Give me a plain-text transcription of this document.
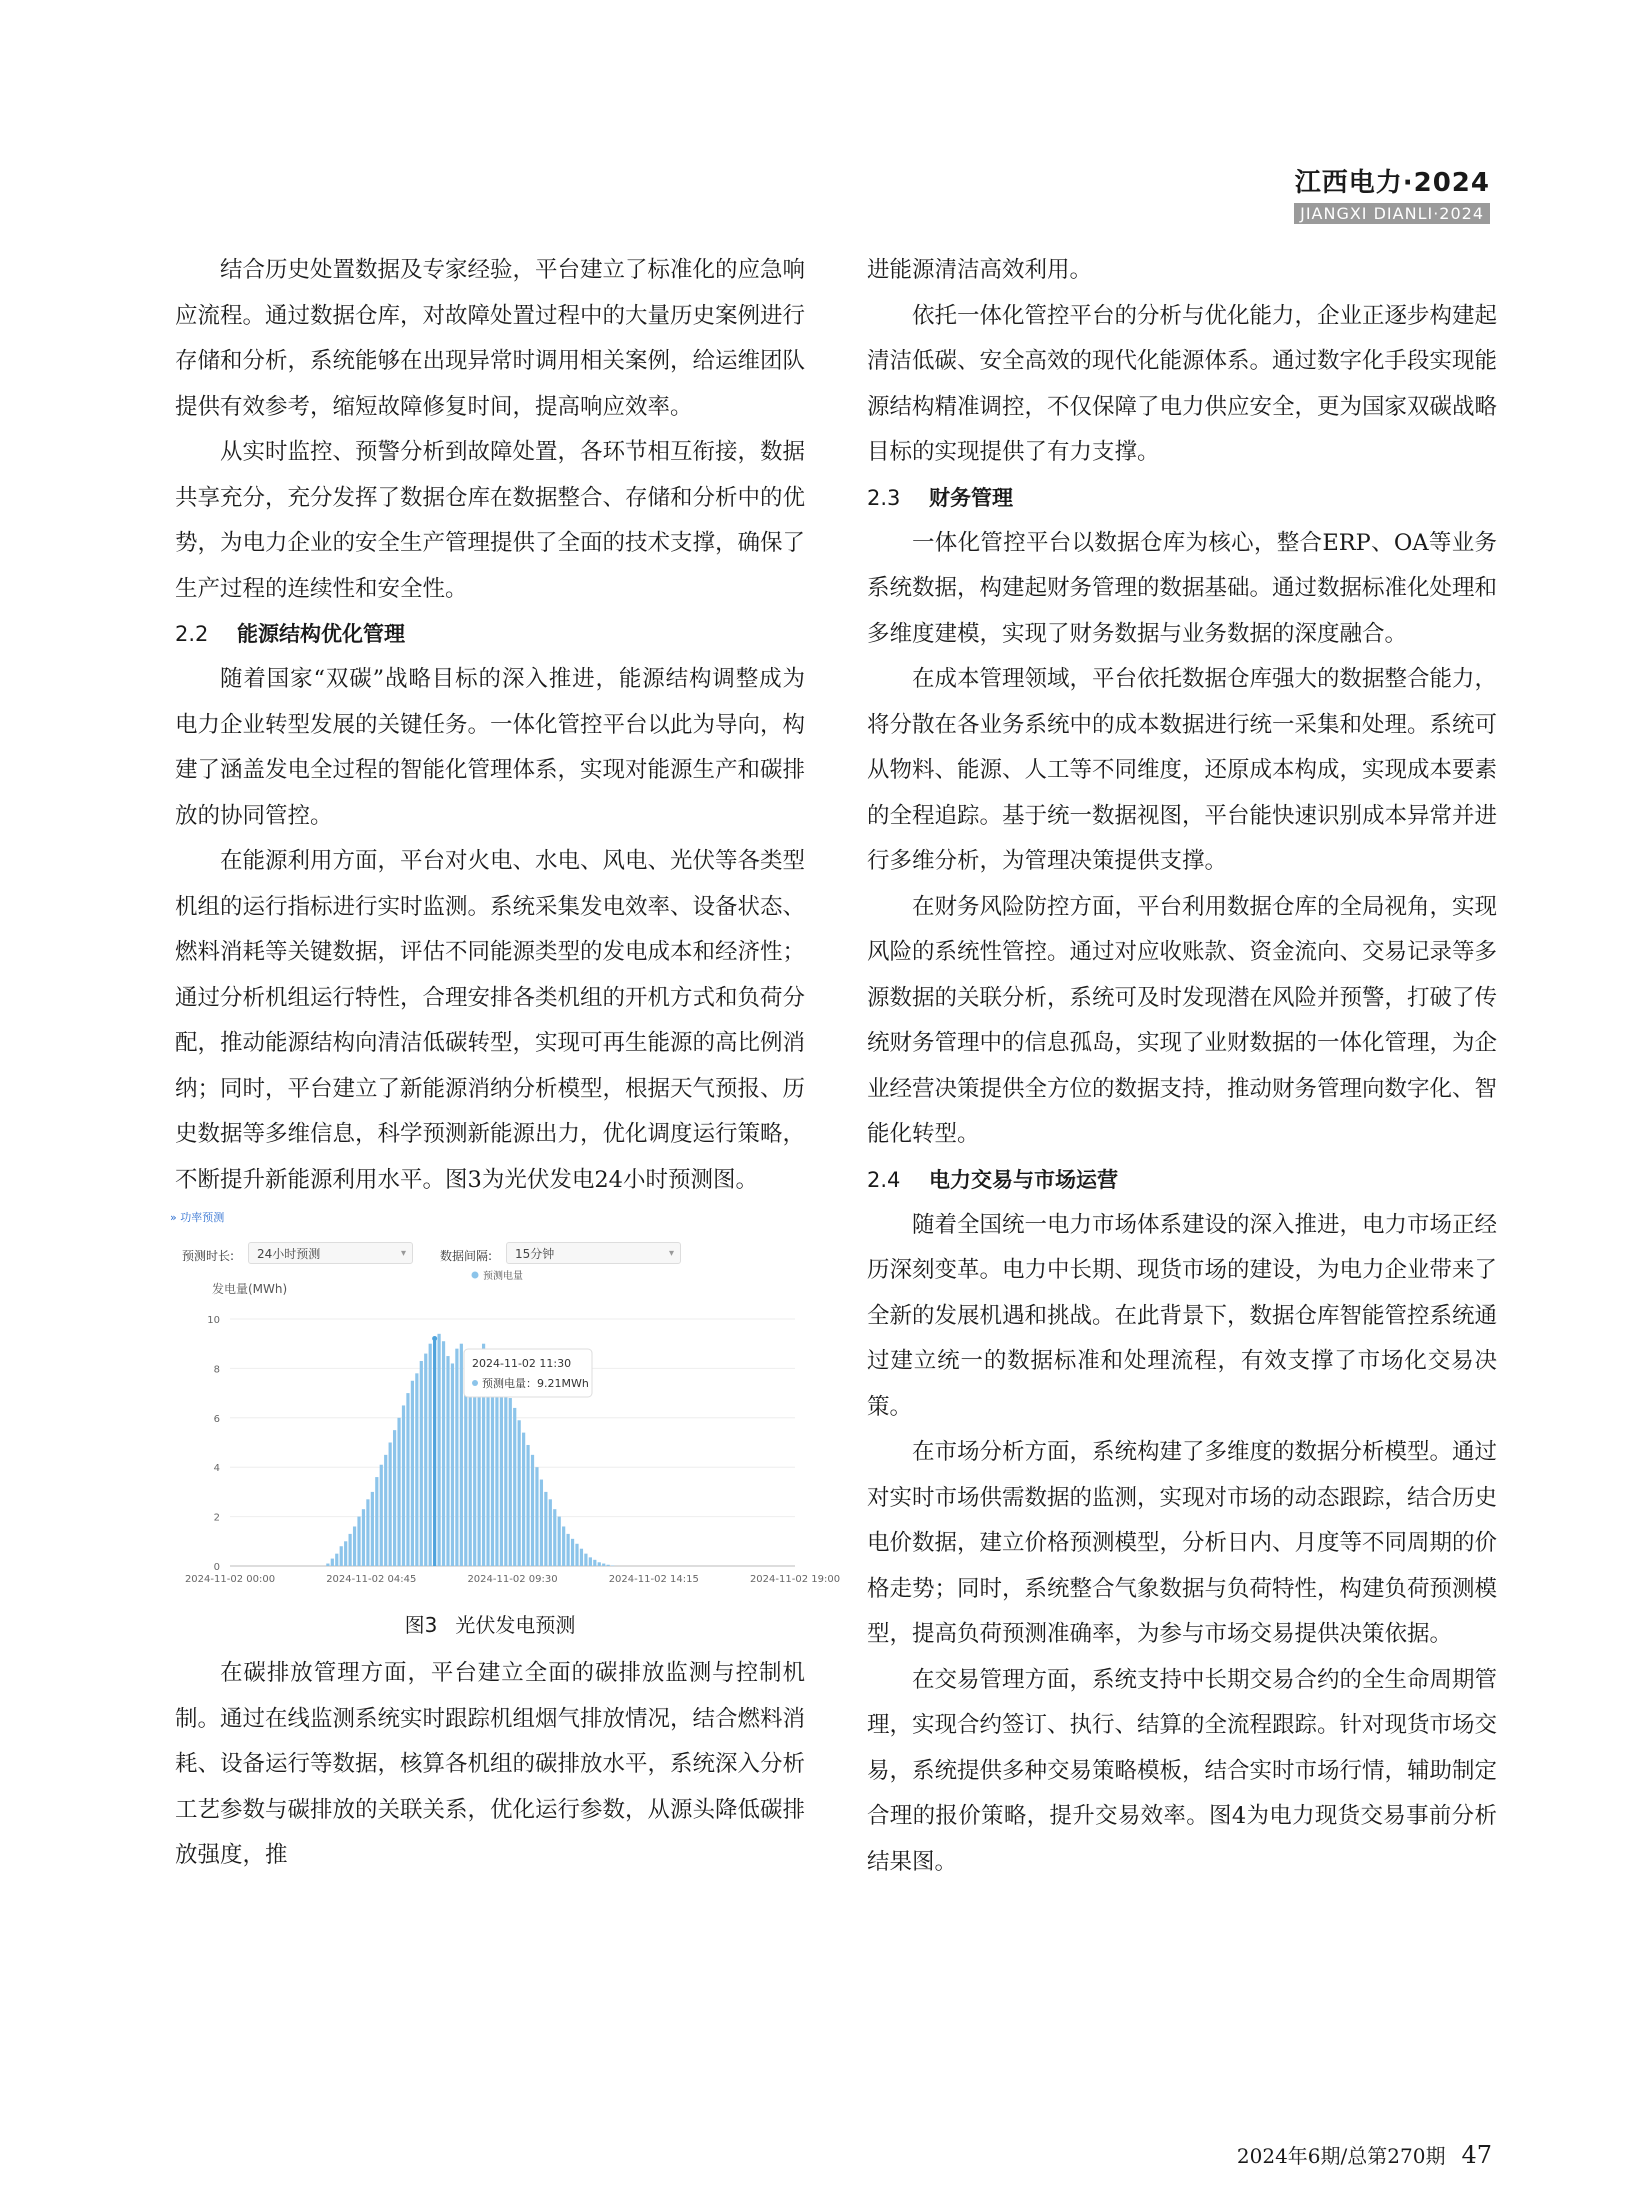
江西电力·2024
JIANGXI DIANLI·2024

结合历史处置数据及专家经验，平台建立了标准化的应急响应流程。通过数据仓库，对故障处置过程中的大量历史案例进行存储和分析，系统能够在出现异常时调用相关案例，给运维团队提供有效参考，缩短故障修复时间，提高响应效率。

从实时监控、预警分析到故障处置，各环节相互衔接，数据共享充分，充分发挥了数据仓库在数据整合、存储和分析中的优势，为电力企业的安全生产管理提供了全面的技术支撑，确保了生产过程的连续性和安全性。

2.2 能源结构优化管理

随着国家“双碳”战略目标的深入推进，能源结构调整成为电力企业转型发展的关键任务。一体化管控平台以此为导向，构建了涵盖发电全过程的智能化管理体系，实现对能源生产和碳排放的协同管控。

在能源利用方面，平台对火电、水电、风电、光伏等各类型机组的运行指标进行实时监测。系统采集发电效率、设备状态、燃料消耗等关键数据，评估不同能源类型的发电成本和经济性；通过分析机组运行特性，合理安排各类机组的开机方式和负荷分配，推动能源结构向清洁低碳转型，实现可再生能源的高比例消纳；同时，平台建立了新能源消纳分析模型，根据天气预报、历史数据等多维信息，科学预测新能源出力，优化调度运行策略，不断提升新能源利用水平。图3为光伏发电24小时预测图。

» 功率预测
预测时长:	24小时预测	▾	数据间隔:	15分钟	▾
发电量(MWh)
预测电量
0
2
4
6
8
10
2024-11-02 00:00	2024-11-02 04:45	2024-11-02 09:30	2024-11-02 14:15	2024-11-02 19:00
2024-11-02 11:30
预测电量：9.21MWh
图3 光伏发电预测

在碳排放管理方面，平台建立全面的碳排放监测与控制机制。通过在线监测系统实时跟踪机组烟气排放情况，结合燃料消耗、设备运行等数据，核算各机组的碳排放水平，系统深入分析工艺参数与碳排放的关联关系，优化运行参数，从源头降低碳排放强度，推

进能源清洁高效利用。

依托一体化管控平台的分析与优化能力，企业正逐步构建起清洁低碳、安全高效的现代化能源体系。通过数字化手段实现能源结构精准调控，不仅保障了电力供应安全，更为国家双碳战略目标的实现提供了有力支撑。

2.3 财务管理

一体化管控平台以数据仓库为核心，整合ERP、OA等业务系统数据，构建起财务管理的数据基础。通过数据标准化处理和多维度建模，实现了财务数据与业务数据的深度融合。

在成本管理领域，平台依托数据仓库强大的数据整合能力，将分散在各业务系统中的成本数据进行统一采集和处理。系统可从物料、能源、人工等不同维度，还原成本构成，实现成本要素的全程追踪。基于统一数据视图，平台能快速识别成本异常并进行多维分析，为管理决策提供支撑。

在财务风险防控方面，平台利用数据仓库的全局视角，实现风险的系统性管控。通过对应收账款、资金流向、交易记录等多源数据的关联分析，系统可及时发现潜在风险并预警，打破了传统财务管理中的信息孤岛，实现了业财数据的一体化管理，为企业经营决策提供全方位的数据支持，推动财务管理向数字化、智能化转型。

2.4 电力交易与市场运营

随着全国统一电力市场体系建设的深入推进，电力市场正经历深刻变革。电力中长期、现货市场的建设，为电力企业带来了全新的发展机遇和挑战。在此背景下，数据仓库智能管控系统通过建立统一的数据标准和处理流程，有效支撑了市场化交易决策。

在市场分析方面，系统构建了多维度的数据分析模型。通过对实时市场供需数据的监测，实现对市场的动态跟踪，结合历史电价数据，建立价格预测模型，分析日内、月度等不同周期的价格走势；同时，系统整合气象数据与负荷特性，构建负荷预测模型，提高负荷预测准确率，为参与市场交易提供决策依据。

在交易管理方面，系统支持中长期交易合约的全生命周期管理，实现合约签订、执行、结算的全流程跟踪。针对现货市场交易，系统提供多种交易策略模板，结合实时市场行情，辅助制定合理的报价策略，提升交易效率。图4为电力现货交易事前分析结果图。

2024年6期/总第270期 47
